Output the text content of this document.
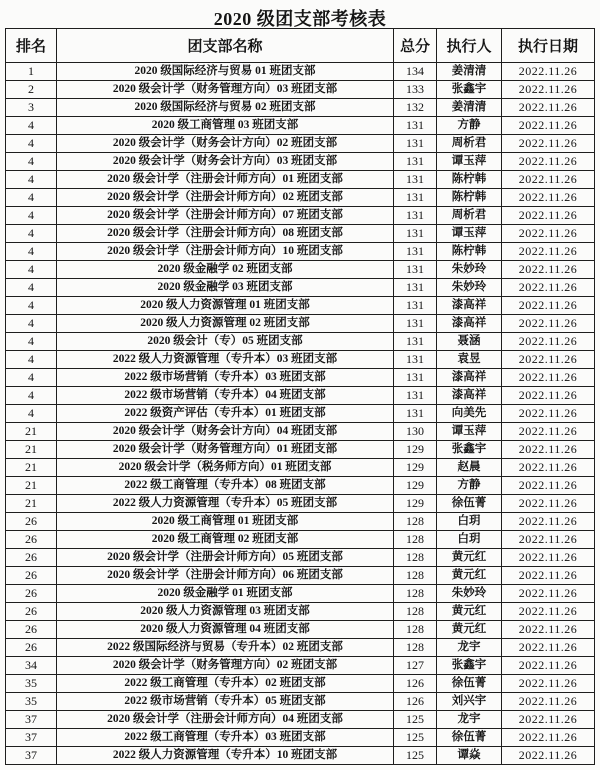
2020 级团支部考核表
排名	团支部名称	总分	执行人	执行日期
1	2020 级国际经济与贸易 01 班团支部	134	姜清清	2022.11.26
2	2020 级会计学（财务管理方向）03 班团支部	133	张鑫宇	2022.11.26
3	2020 级国际经济与贸易 02 班团支部	132	姜清清	2022.11.26
4	2020 级工商管理 03 班团支部	131	方静	2022.11.26
4	2020 级会计学（财务会计方向）02 班团支部	131	周析君	2022.11.26
4	2020 级会计学（财务会计方向）03 班团支部	131	谭玉萍	2022.11.26
4	2020 级会计学（注册会计师方向）01 班团支部	131	陈柠韩	2022.11.26
4	2020 级会计学（注册会计师方向）02 班团支部	131	陈柠韩	2022.11.26
4	2020 级会计学（注册会计师方向）07 班团支部	131	周析君	2022.11.26
4	2020 级会计学（注册会计师方向）08 班团支部	131	谭玉萍	2022.11.26
4	2020 级会计学（注册会计师方向）10 班团支部	131	陈柠韩	2022.11.26
4	2020 级金融学 02 班团支部	131	朱妙玲	2022.11.26
4	2020 级金融学 03 班团支部	131	朱妙玲	2022.11.26
4	2020 级人力资源管理 01 班团支部	131	漆高祥	2022.11.26
4	2020 级人力资源管理 02 班团支部	131	漆高祥	2022.11.26
4	2020 级会计（专）05 班团支部	131	聂涵	2022.11.26
4	2022 级人力资源管理（专升本）03 班团支部	131	袁昱	2022.11.26
4	2022 级市场营销（专升本）03 班团支部	131	漆高祥	2022.11.26
4	2022 级市场营销（专升本）04 班团支部	131	漆高祥	2022.11.26
4	2022 级资产评估（专升本）01 班团支部	131	向美先	2022.11.26
21	2020 级会计学（财务会计方向）04 班团支部	130	谭玉萍	2022.11.26
21	2020 级会计学（财务管理方向）01 班团支部	129	张鑫宇	2022.11.26
21	2020 级会计学（税务师方向）01 班团支部	129	赵晨	2022.11.26
21	2022 级工商管理（专升本）08 班团支部	129	方静	2022.11.26
21	2022 级人力资源管理（专升本）05 班团支部	129	徐伍菁	2022.11.26
26	2020 级工商管理 01 班团支部	128	白玥	2022.11.26
26	2020 级工商管理 02 班团支部	128	白玥	2022.11.26
26	2020 级会计学（注册会计师方向）05 班团支部	128	黄元红	2022.11.26
26	2020 级会计学（注册会计师方向）06 班团支部	128	黄元红	2022.11.26
26	2020 级金融学 01 班团支部	128	朱妙玲	2022.11.26
26	2020 级人力资源管理 03 班团支部	128	黄元红	2022.11.26
26	2020 级人力资源管理 04 班团支部	128	黄元红	2022.11.26
26	2022 级国际经济与贸易（专升本）02 班团支部	128	龙宇	2022.11.26
34	2020 级会计学（财务管理方向）02 班团支部	127	张鑫宇	2022.11.26
35	2022 级工商管理（专升本）02 班团支部	126	徐伍菁	2022.11.26
35	2022 级市场营销（专升本）05 班团支部	126	刘兴宇	2022.11.26
37	2020 级会计学（注册会计师方向）04 班团支部	125	龙宇	2022.11.26
37	2022 级工商管理（专升本）03 班团支部	125	徐伍菁	2022.11.26
37	2022 级人力资源管理（专升本）10 班团支部	125	谭焱	2022.11.26
